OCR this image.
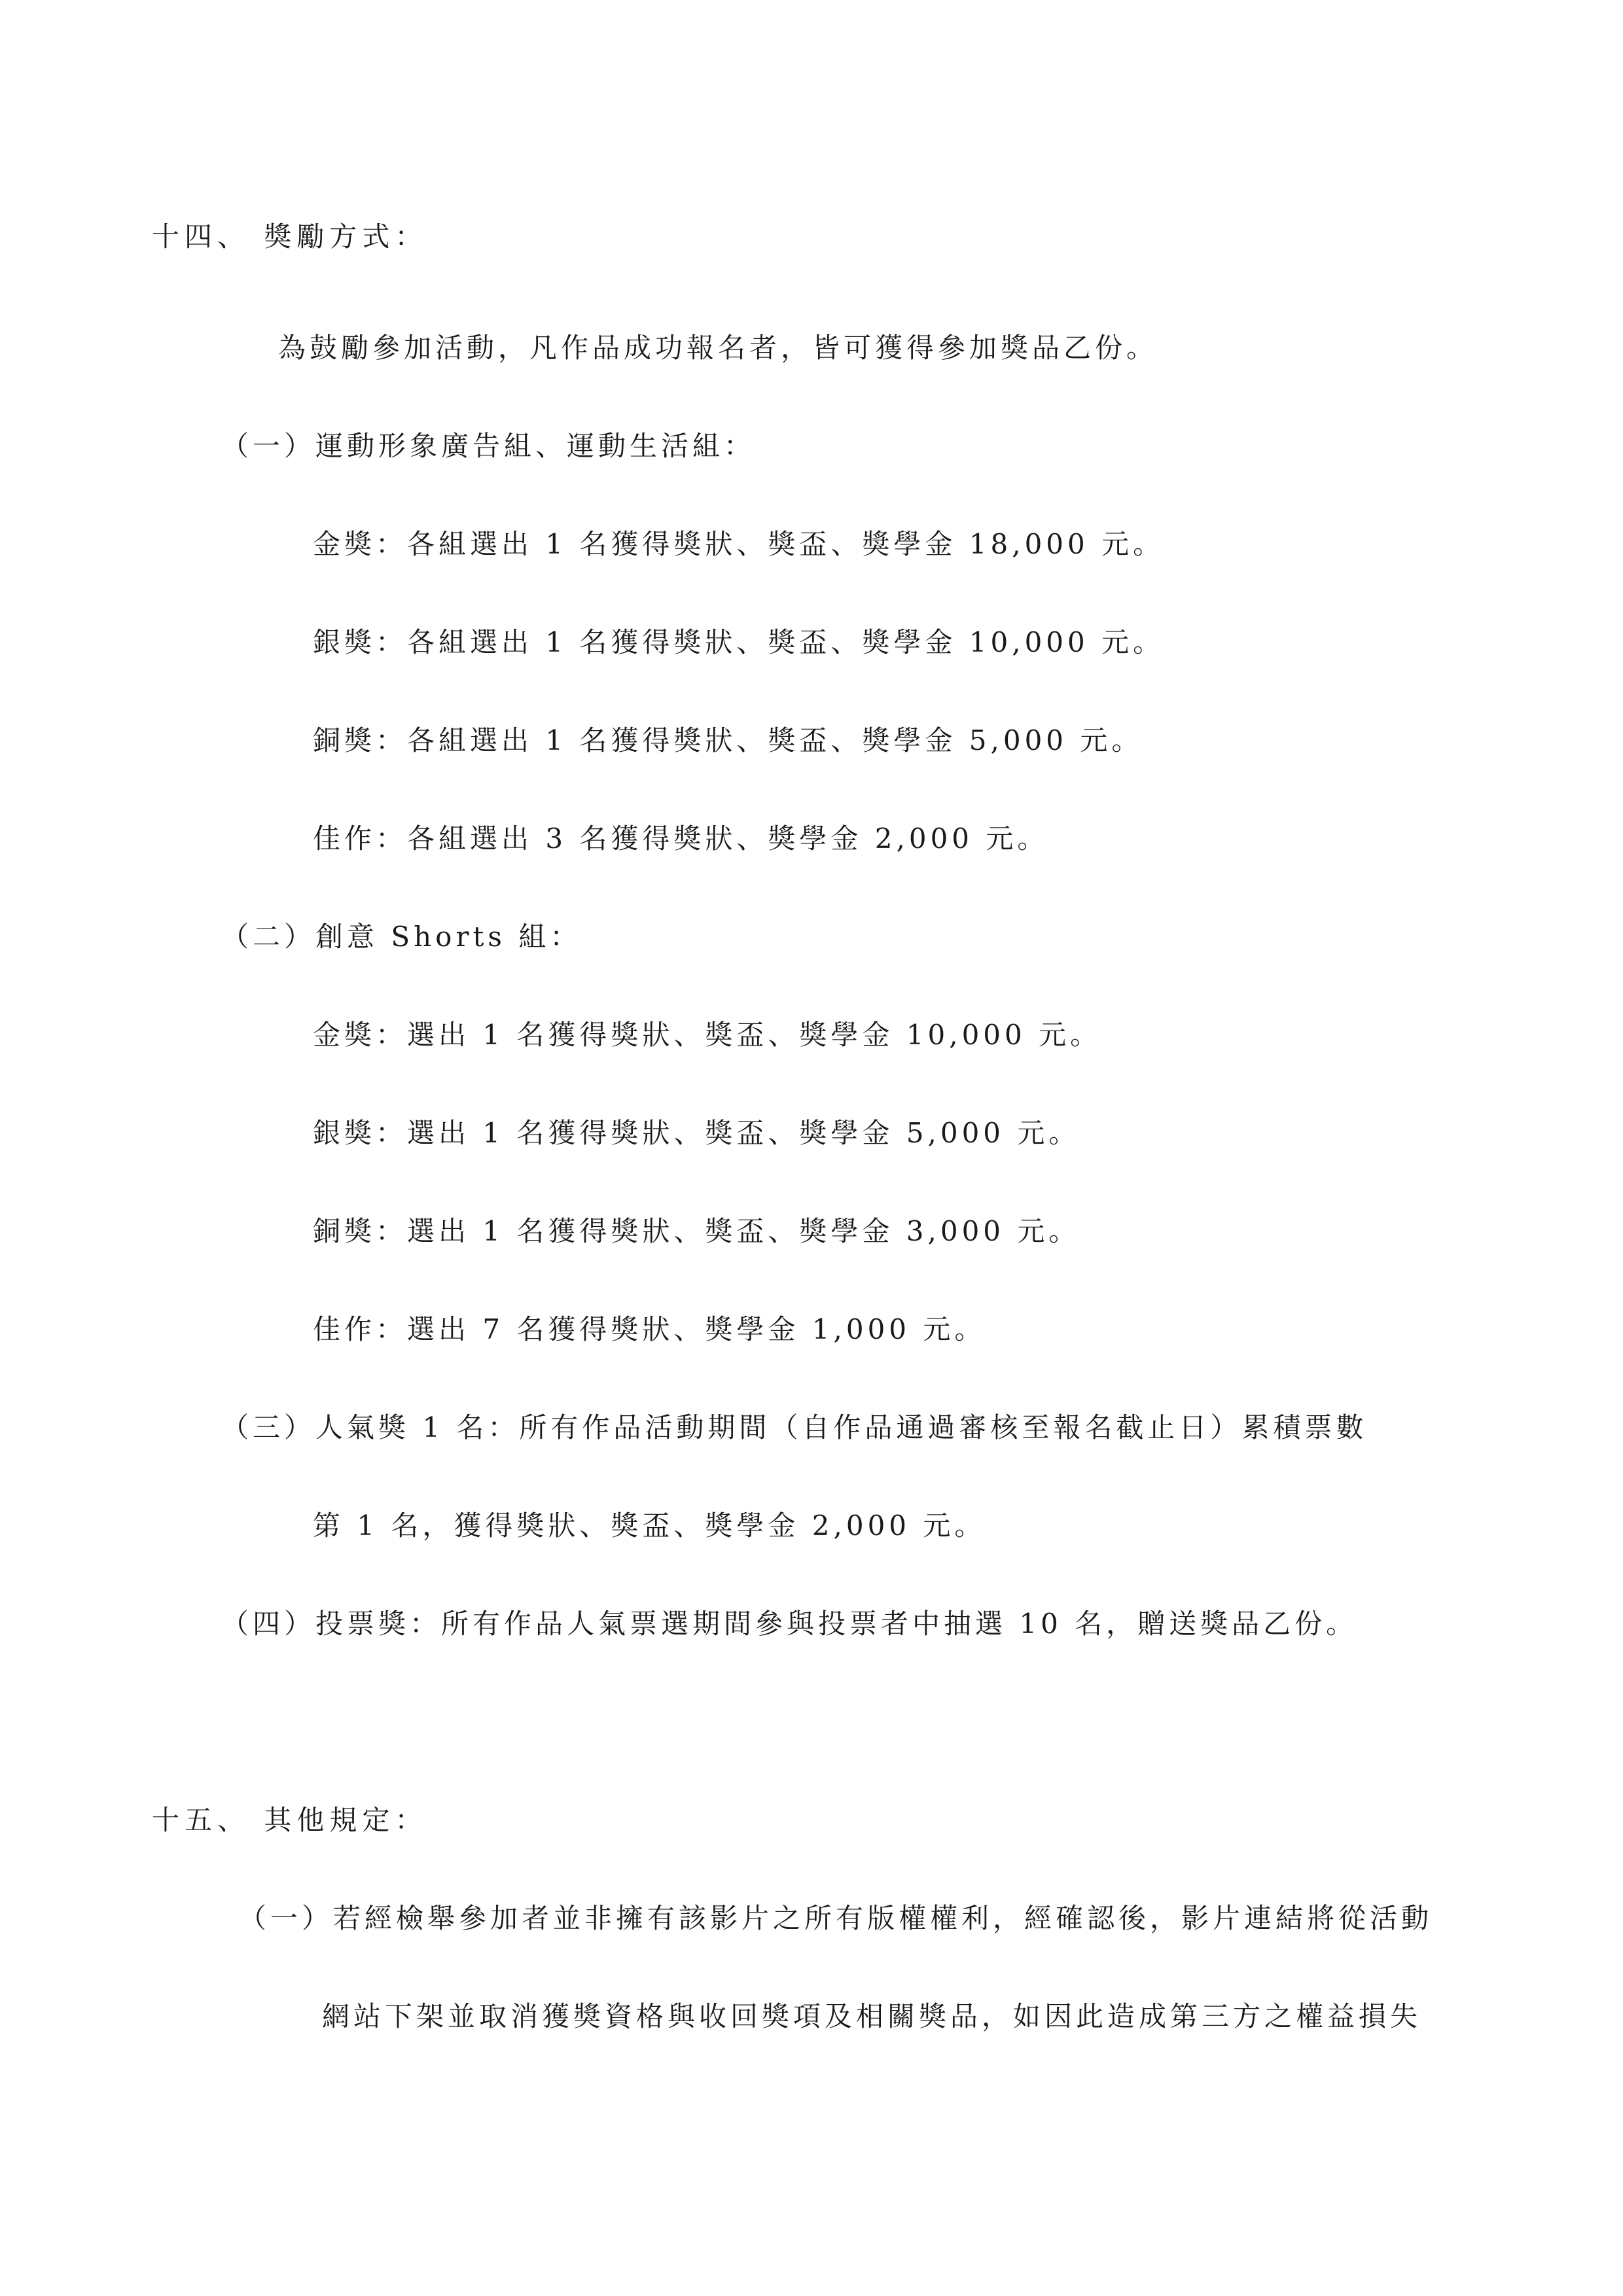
十四、 獎勵方式：
為鼓勵參加活動，凡作品成功報名者，皆可獲得參加獎品乙份。
（一）運動形象廣告組、運動生活組：
金獎：各組選出 1 名獲得獎狀、獎盃、獎學金 18,000 元。
銀獎：各組選出 1 名獲得獎狀、獎盃、獎學金 10,000 元。
銅獎：各組選出 1 名獲得獎狀、獎盃、獎學金 5,000 元。
佳作：各組選出 3 名獲得獎狀、獎學金 2,000 元。
（二）創意 Shorts 組：
金獎：選出 1 名獲得獎狀、獎盃、獎學金 10,000 元。
銀獎：選出 1 名獲得獎狀、獎盃、獎學金 5,000 元。
銅獎：選出 1 名獲得獎狀、獎盃、獎學金 3,000 元。
佳作：選出 7 名獲得獎狀、獎學金 1,000 元。
（三）人氣獎 1 名：所有作品活動期間（自作品通過審核至報名截止日）累積票數
第 1 名，獲得獎狀、獎盃、獎學金 2,000 元。
（四）投票獎：所有作品人氣票選期間參與投票者中抽選 10 名，贈送獎品乙份。
十五、 其他規定：
（一）若經檢舉參加者並非擁有該影片之所有版權權利，經確認後，影片連結將從活動
網站下架並取消獲獎資格與收回獎項及相關獎品，如因此造成第三方之權益損失
